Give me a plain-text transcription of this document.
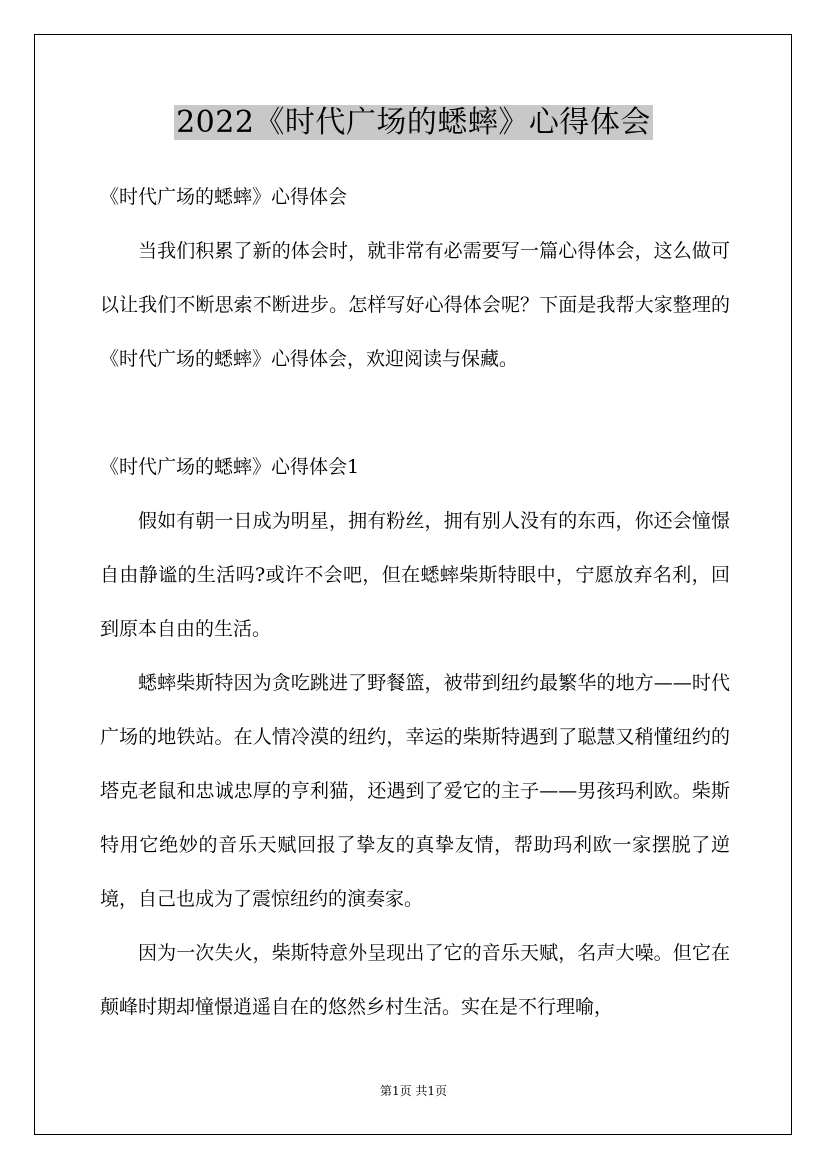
2022《时代广场的蟋蟀》心得体会

《时代广场的蟋蟀》心得体会

当我们积累了新的体会时，就非常有必需要写一篇心得体会，这么做可以让我们不断思索不断进步。怎样写好心得体会呢？下面是我帮大家整理的《时代广场的蟋蟀》心得体会，欢迎阅读与保藏。

《时代广场的蟋蟀》心得体会1

假如有朝一日成为明星，拥有粉丝，拥有别人没有的东西，你还会憧憬自由静谧的生活吗?或许不会吧，但在蟋蟀柴斯特眼中，宁愿放弃名利，回到原本自由的生活。

蟋蟀柴斯特因为贪吃跳进了野餐篮，被带到纽约最繁华的地方——时代广场的地铁站。在人情冷漠的纽约，幸运的柴斯特遇到了聪慧又稍懂纽约的塔克老鼠和忠诚忠厚的亨利猫，还遇到了爱它的主子——男孩玛利欧。柴斯特用它绝妙的音乐天赋回报了挚友的真挚友情，帮助玛利欧一家摆脱了逆境，自己也成为了震惊纽约的演奏家。

因为一次失火，柴斯特意外呈现出了它的音乐天赋，名声大噪。但它在颠峰时期却憧憬逍遥自在的悠然乡村生活。实在是不行理喻，

第1页 共1页
